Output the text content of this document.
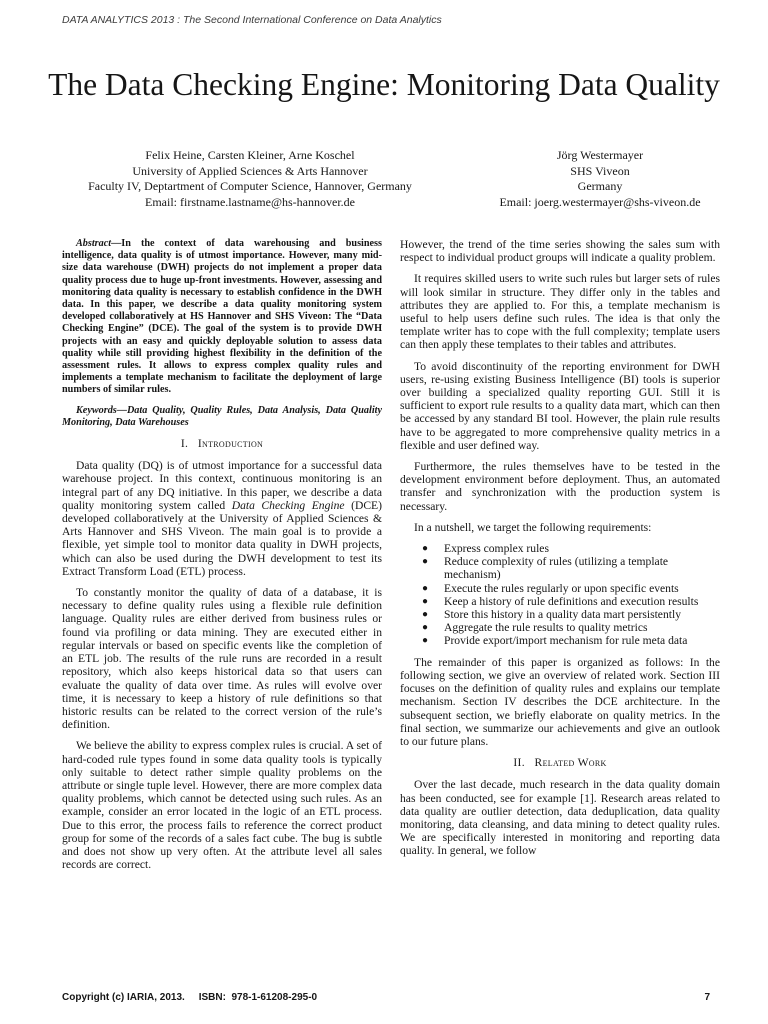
DATA ANALYTICS 2013 : The Second International Conference on Data Analytics
The Data Checking Engine: Monitoring Data Quality
Felix Heine, Carsten Kleiner, Arne Koschel
University of Applied Sciences & Arts Hannover
Faculty IV, Deptartment of Computer Science, Hannover, Germany
Email: firstname.lastname@hs-hannover.de
Jörg Westermayer
SHS Viveon
Germany
Email: joerg.westermayer@shs-viveon.de

Abstract—In the context of data warehousing and business intelligence, data quality is of utmost importance. However, many mid-size data warehouse (DWH) projects do not implement a proper data quality process due to huge up-front investments. However, assessing and monitoring data quality is necessary to establish confidence in the DWH data. In this paper, we describe a data quality monitoring system developed collaboratively at HS Hannover and SHS Viveon: The “Data Checking Engine” (DCE). The goal of the system is to provide DWH projects with an easy and quickly deployable solution to assess data quality while still providing highest flexibility in the definition of the assessment rules. It allows to express complex quality rules and implements a template mechanism to facilitate the deployment of large numbers of similar rules.

Keywords—Data Quality, Quality Rules, Data Analysis, Data Quality Monitoring, Data Warehouses

I. Introduction

Data quality (DQ) is of utmost importance for a successful data warehouse project. In this context, continuous monitoring is an integral part of any DQ initiative. In this paper, we describe a data quality monitoring system called Data Checking Engine (DCE) developed collaboratively at the University of Applied Sciences & Arts Hannover and SHS Viveon. The main goal is to provide a flexible, yet simple tool to monitor data quality in DWH projects, which can also be used during the DWH development to test its Extract Transform Load (ETL) process.

To constantly monitor the quality of data of a database, it is necessary to define quality rules using a flexible rule definition language. Quality rules are either derived from business rules or found via profiling or data mining. They are executed either in regular intervals or based on specific events like the completion of an ETL job. The results of the rule runs are recorded in a result repository, which also keeps historical data so that users can evaluate the quality of data over time. As rules will evolve over time, it is necessary to keep a history of rule definitions so that historic results can be related to the correct version of the rule’s definition.

We believe the ability to express complex rules is crucial. A set of hard-coded rule types found in some data quality tools is typically only suitable to detect rather simple quality problems on the attribute or single tuple level. However, there are more complex data quality problems, which cannot be detected using such rules. As an example, consider an error located in the logic of an ETL process. Due to this error, the process fails to reference the correct product group for some of the records of a sales fact cube. The bug is subtle and does not show up very often. At the attribute level all sales records are correct.

However, the trend of the time series showing the sales sum with respect to individual product groups will indicate a quality problem.

It requires skilled users to write such rules but larger sets of rules will look similar in structure. They differ only in the tables and attributes they are applied to. For this, a template mechanism is useful to help users define such rules. The idea is that only the template writer has to cope with the full complexity; template users can then apply these templates to their tables and attributes.

To avoid discontinuity of the reporting environment for DWH users, re-using existing Business Intelligence (BI) tools is superior over building a specialized quality reporting GUI. Still it is sufficient to export rule results to a quality data mart, which can then be accessed by any standard BI tool. However, the plain rule results have to be aggregated to more comprehensive quality metrics in a flexible and user defined way.

Furthermore, the rules themselves have to be tested in the development environment before deployment. Thus, an automated transfer and synchronization with the production system is necessary.

In a nutshell, we target the following requirements:

● Express complex rules
● Reduce complexity of rules (utilizing a template mechanism)
● Execute the rules regularly or upon specific events
● Keep a history of rule definitions and execution results
● Store this history in a quality data mart persistently
● Aggregate the rule results to quality metrics
● Provide export/import mechanism for rule meta data

The remainder of this paper is organized as follows: In the following section, we give an overview of related work. Section III focuses on the definition of quality rules and explains our template mechanism. Section IV describes the DCE architecture. In the subsequent section, we briefly elaborate on quality metrics. In the final section, we summarize our achievements and give an outlook to our future plans.

II. Related Work

Over the last decade, much research in the data quality domain has been conducted, see for example [1]. Research areas related to data quality are outlier detection, data deduplication, data quality monitoring, data cleansing, and data mining to detect quality rules. We are specifically interested in monitoring and reporting data quality. In general, we follow

Copyright (c) IARIA, 2013.     ISBN:  978-1-61208-295-0	7
